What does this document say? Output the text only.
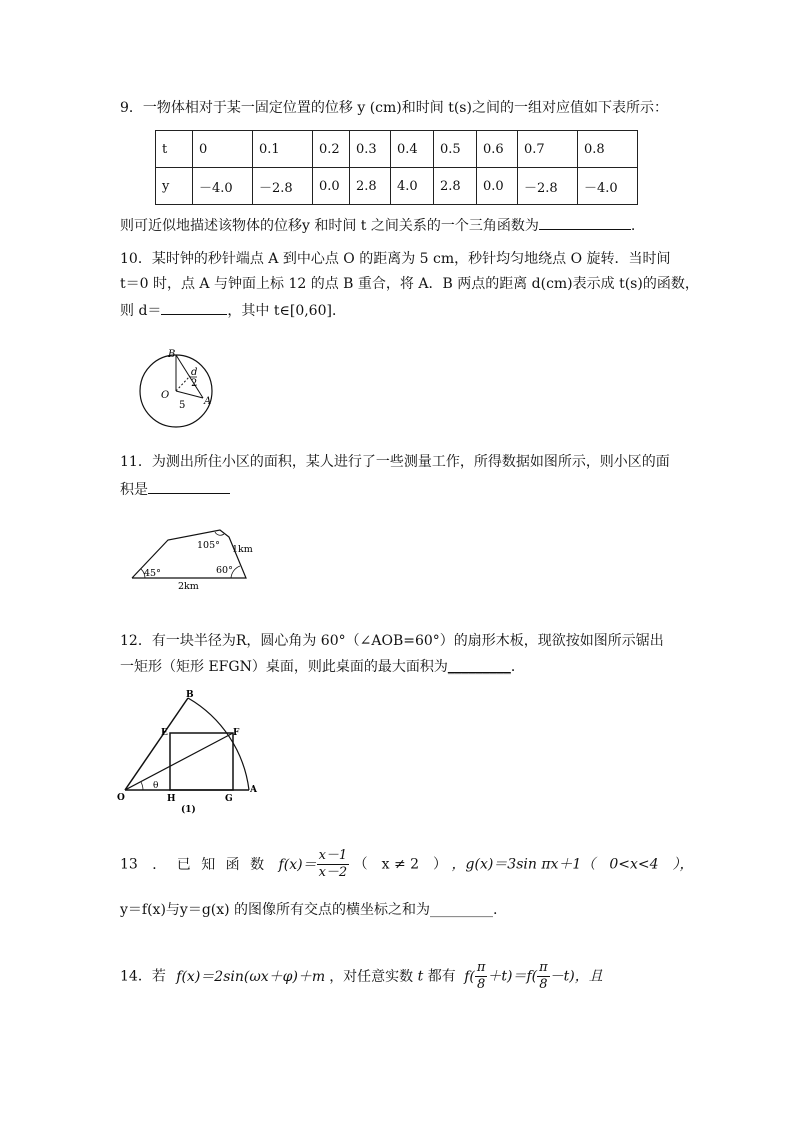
9．一物体相对于某一固定位置的位移 y (cm)和时间 t(s)之间的一组对应值如下表所示：
t	0	0.1	0.2	0.3	0.4	0.5	0.6	0.7	0.8
y	－4.0	－2.8	0.0	2.8	4.0	2.8	0.0	－2.8	－4.0
则可近似地描述该物体的位移y 和时间 t 之间关系的一个三角函数为	.
10．某时钟的秒针端点 A 到中心点 O 的距离为 5 cm，秒针均匀地绕点 O 旋转．当时间
t＝0 时，点 A 与钟面上标 12 的点 B 重合，将 A．B 两点的距离 d(cm)表示成 t(s)的函数，
则 d＝	，其中 t∈[0,60]．
B
O
A
d
2
5
11．为测出所住小区的面积，某人进行了一些测量工作，所得数据如图所示，则小区的面
积是
105° 1km
45°	60°
2km
12．有一块半径为R，圆心角为 60°（∠AOB=60°）的扇形木板，现欲按如图所示锯出
一矩形（矩形 EFGN）桌面，则此桌面的最大面积为_________．
B
E	F
O	H	G
A
θ
(1)
13 ． 已 知 函 数 $f(x)= \frac{x-1}{x-2}$ （　x ≠ 2　） ，g(x)＝3sin πx＋1（　0<x<4　），
y＝f(x)与y＝g(x) 的图像所有交点的横坐标之和为_________.
14．若 f(x)＝2sin(ωx＋φ)＋m ，对任意实数 t 都有 $f( \frac{\pi}{8} +t)=f( \frac{\pi}{8} -t)$，且
